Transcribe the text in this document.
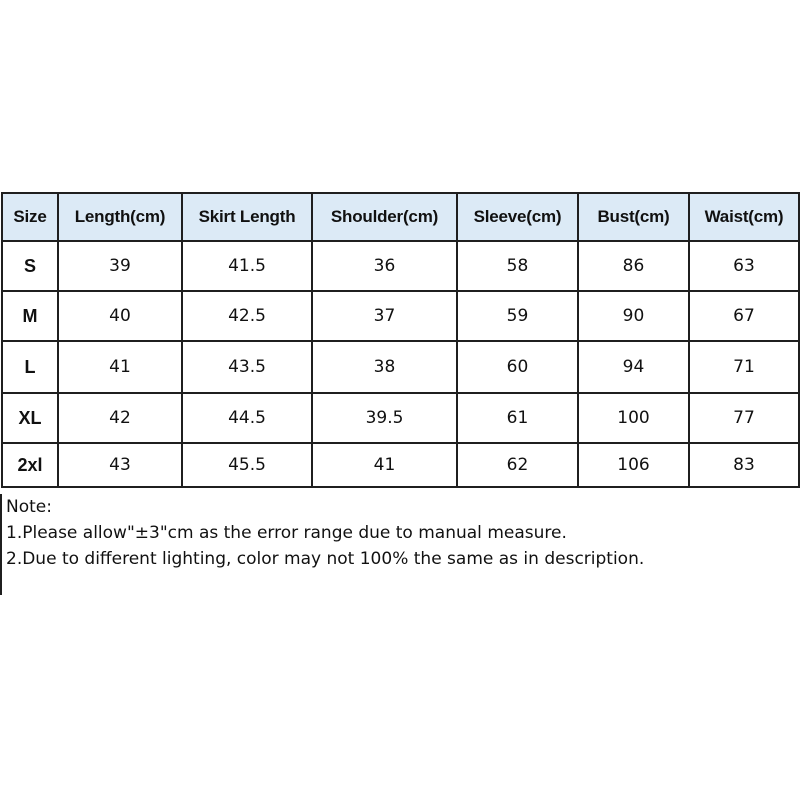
Size	Length(cm)	Skirt Length	Shoulder(cm)	Sleeve(cm)	Bust(cm)	Waist(cm)
S	39	41.5	36	58	86	63
M	40	42.5	37	59	90	67
L	41	43.5	38	60	94	71
XL	42	44.5	39.5	61	100	77
2xl	43	45.5	41	62	106	83

Note:

1.Please allow"±3"cm as the error range due to manual measure.

2.Due to different lighting, color may not 100% the same as in description.
